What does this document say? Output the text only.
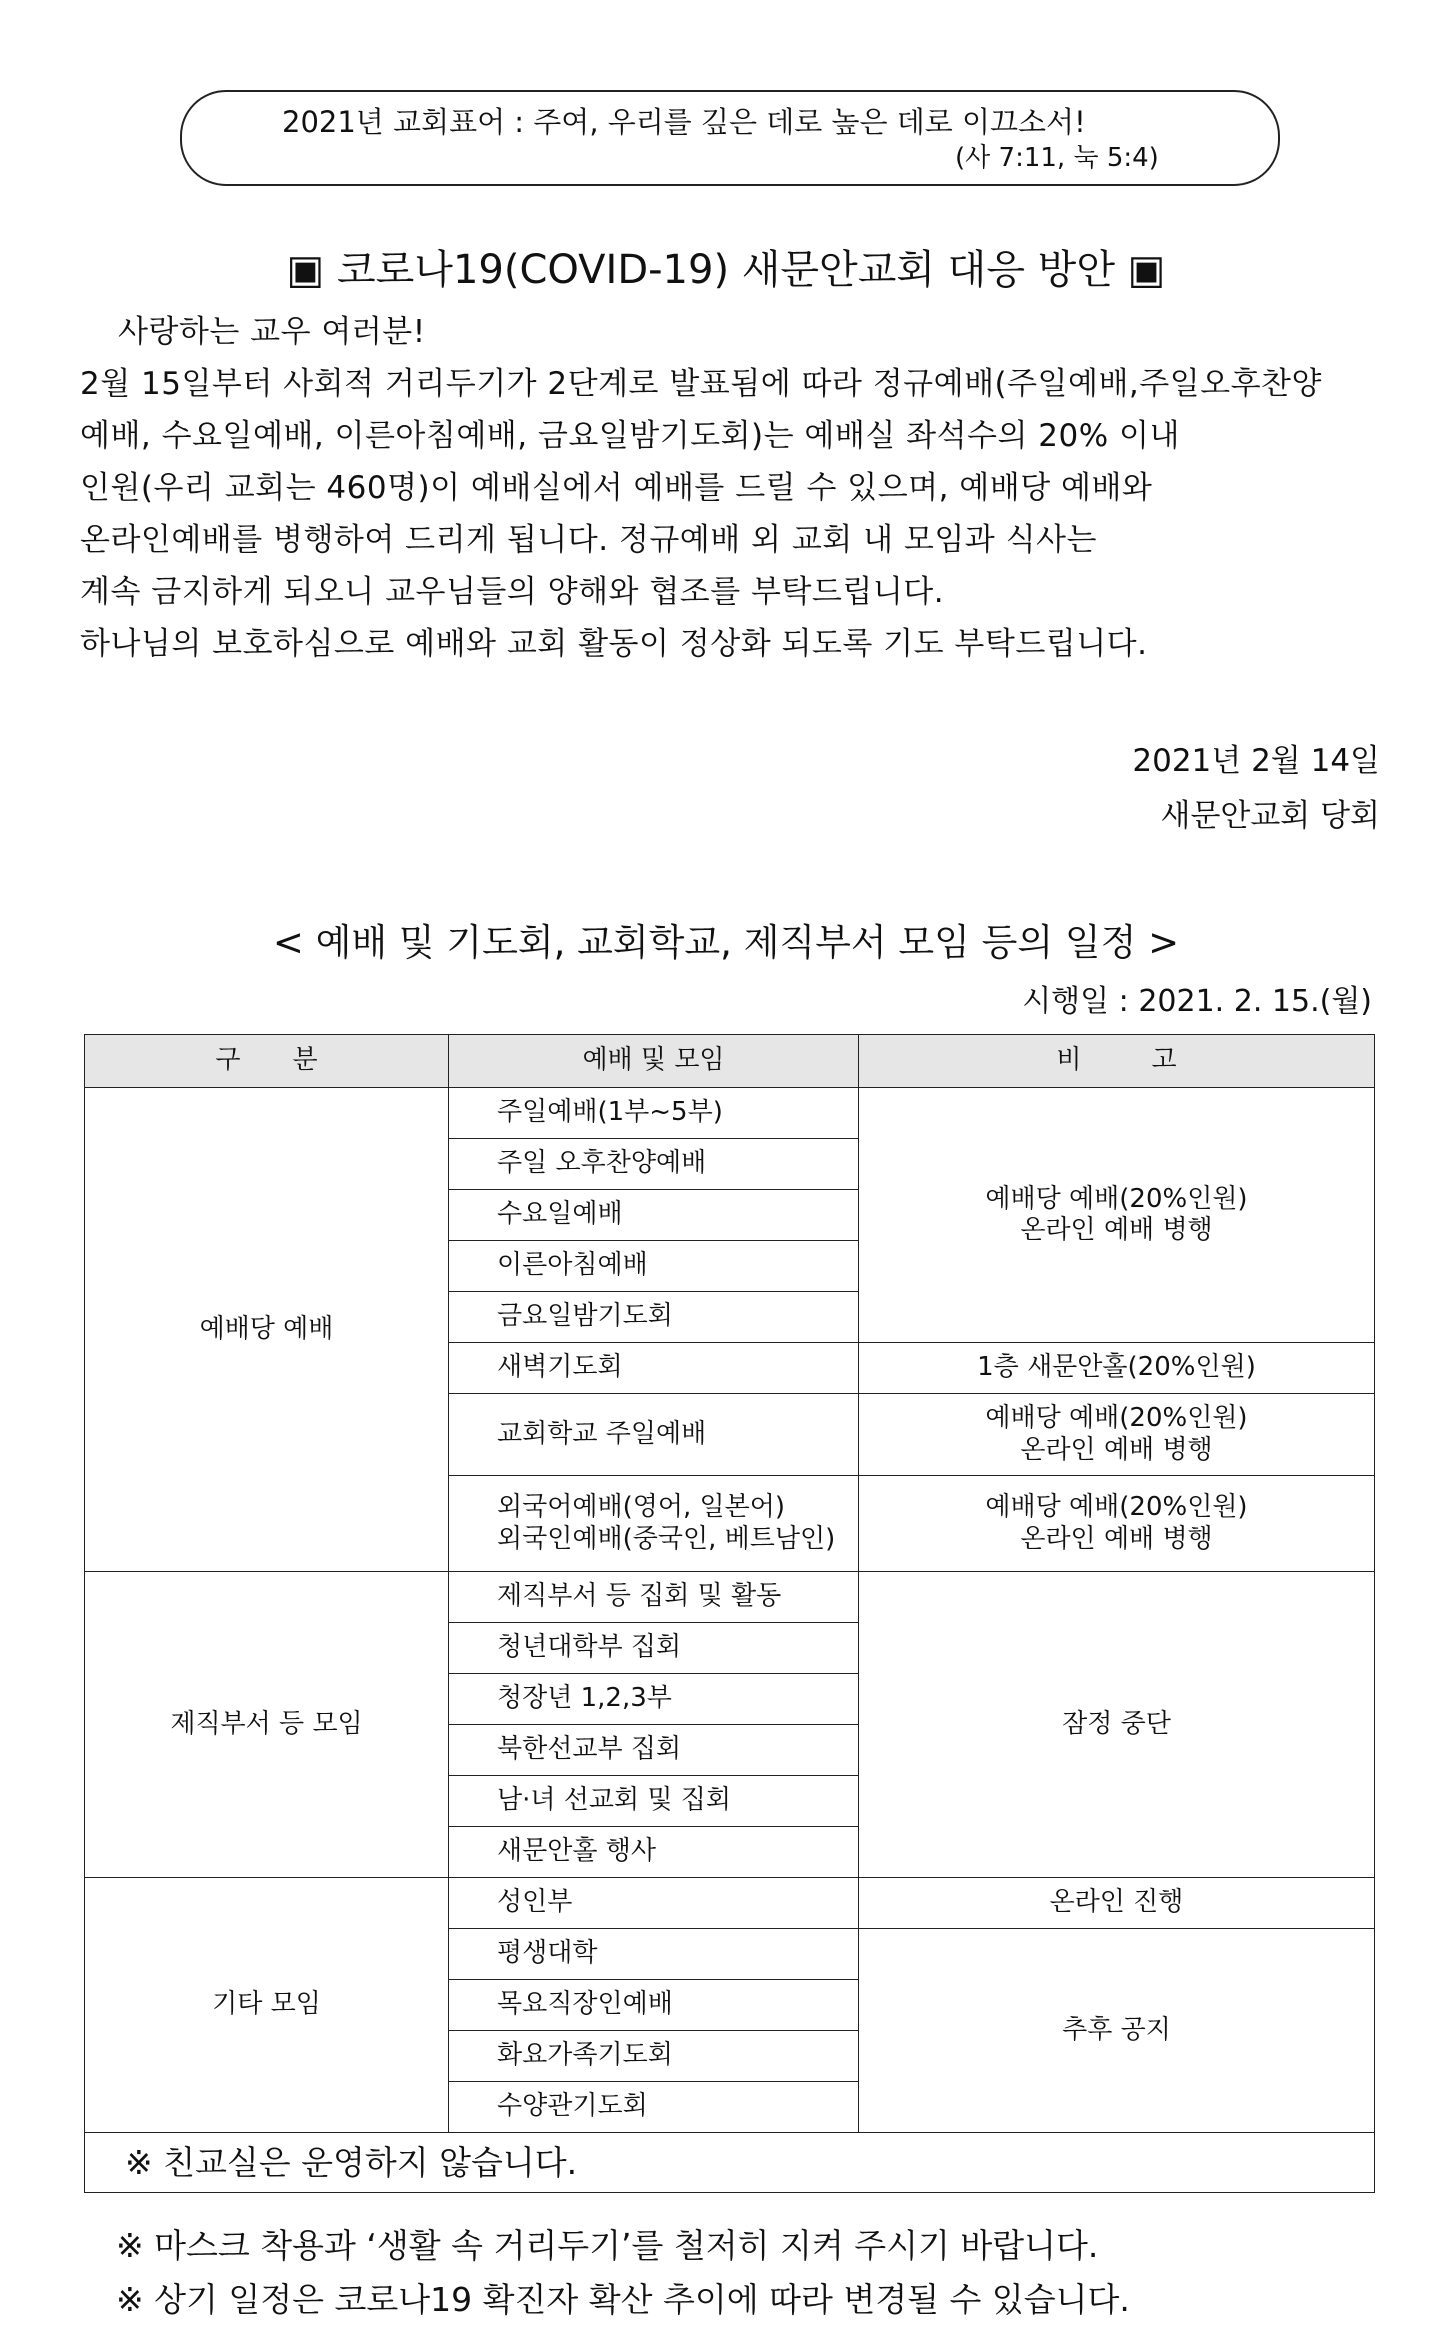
2021년 교회표어 : 주여, 우리를 깊은 데로 높은 데로 이끄소서!
(사 7:11, 눅 5:4)
▣ 코로나19(COVID-19) 새문안교회 대응 방안 ▣
사랑하는 교우 여러분!
2월 15일부터 사회적 거리두기가 2단계로 발표됨에 따라 정규예배(주일예배,주일오후찬양
예배, 수요일예배, 이른아침예배, 금요일밤기도회)는 예배실 좌석수의 20% 이내
인원(우리 교회는 460명)이 예배실에서 예배를 드릴 수 있으며, 예배당 예배와
온라인예배를 병행하여 드리게 됩니다. 정규예배 외 교회 내 모임과 식사는
계속 금지하게 되오니 교우님들의 양해와 협조를 부탁드립니다.
하나님의 보호하심으로 예배와 교회 활동이 정상화 되도록 기도 부탁드립니다.
2021년 2월 14일
새문안교회 당회
< 예배 및 기도회, 교회학교, 제직부서 모임 등의 일정 >
시행일 : 2021. 2. 15.(월)
구분	예배 및 모임	비고
예배당 예배	주일예배(1부~5부)	예배당 예배(20%인원)
온라인 예배 병행

	주일 오후찬양예배	
	수요일예배	
	이른아침예배	
	금요일밤기도회	
	새벽기도회	1층 새문안홀(20%인원)
	교회학교 주일예배	예배당 예배(20%인원)
온라인 예배 병행

	외국어예배(영어, 일본어)
외국인예배(중국인, 베트남인)	예배당 예배(20%인원)
온라인 예배 병행

제직부서 등 모임	제직부서 등 집회 및 활동	잠정 중단
	청년대학부 집회	
	청장년 1,2,3부	
	북한선교부 집회	
	남·녀 선교회 및 집회	
	새문안홀 행사	
기타 모임	성인부	온라인 진행
	평생대학	추후 공지
	목요직장인예배	
	화요가족기도회	
	수양관기도회	
※ 친교실은 운영하지 않습니다.		
※ 마스크 착용과 ‘생활 속 거리두기’를 철저히 지켜 주시기 바랍니다.
※ 상기 일정은 코로나19 확진자 확산 추이에 따라 변경될 수 있습니다.
